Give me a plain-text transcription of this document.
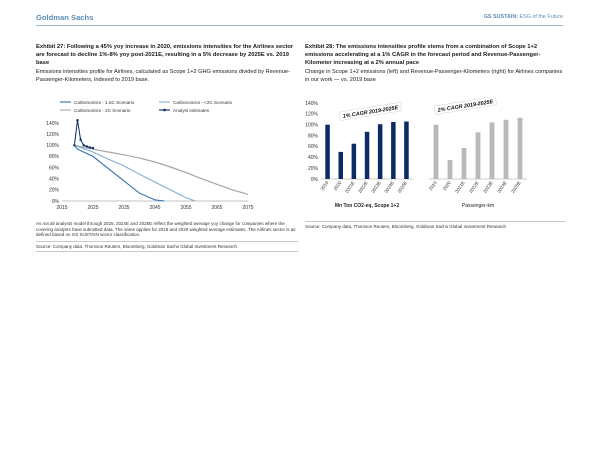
Goldman Sachs	GS SUSTAIN: ESG of the Future
Exhibit 27: Following a 45% yoy increase in 2020, emissions intensities for the Airlines sector are forecast to decline 1%-8% yoy post-2021E, resulting in a 5% decrease by 2025E vs. 2019 base
Emissions intensities profile for Airlines, calculated as Scope 1+2 GHG emissions divided by Revenue-Passenger-Kilometers, indexed to 2019 base.
Carbonomics - 1.5C Scenario	Carbonomics - <2C Scenario
Carbonomics - 2C Scenario	Analyst estimates
0%
20%
40%
60%
80%
100%
120%
140%
2015	2025	2035	2045	2055	2065	2075
As not all analysts model through 2025, 2024E and 2025E reflect the weighted average yoy change for companies where the covering analysts have submitted data. The same applies for 2019 and 2020 weighted average estimates. The Airlines sector is as defined based on GS SUSTAIN sector classification.
Source: Company data, Thomson Reuters, Bloomberg, Goldman Sachs Global Investment Research
Exhibit 28: The emissions intensities profile stems from a combination of Scope 1+2 emissions accelerating at a 1% CAGR in the forecast period and Revenue-Passenger-Kilometer increasing at a 2% annual pace
Change in Scope 1+2 emissions (left) and Revenue-Passenger-Kilometers (right) for Airlines companies in our work — vs. 2019 base
0%
20%
40%
60%
80%
100%
120%
140%
2019 2020 2021E 2022E 2023E 2024E 2025E
Mn Ton CO2-eq, Scope 1+2
1% CAGR 2019-2025E
2019 2020 2021E 2022E 2023E 2024E 2025E
Passenger-km
2% CAGR 2019-2025E
Source: Company data, Thomson Reuters, Bloomberg, Goldman Sachs Global Investment Research
